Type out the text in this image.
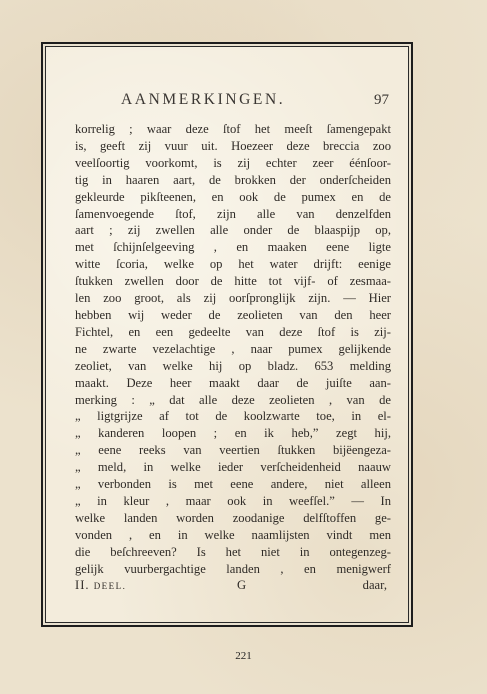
AANMERKINGEN.	97
korrelig ; waar deze ſtof het meeſt ſamengepakt
is, geeft zij vuur uit. Hoezeer deze breccia zoo
veelſoortig voorkomt, is zij echter zeer éénſoor-
tig in haaren aart, de brokken der onderſcheiden
gekleurde pikſteenen, en ook de pumex en de
ſamenvoegende ſtof, zijn alle van denzelfden
aart ; zij zwellen alle onder de blaaspijp op,
met ſchijnſelgeeving , en maaken eene ligte
witte ſcoria, welke op het water drijft: eenige
ſtukken zwellen door de hitte tot vijf- of zesmaa-
len zoo groot, als zij oorſpronglijk zijn. — Hier
hebben wij weder de zeolieten van den heer
Fichtel, en een gedeelte van deze ſtof is zij-
ne zwarte vezelachtige , naar pumex gelijkende
zeoliet, van welke hij op bladz. 653 melding
maakt. Deze heer maakt daar de juiſte aan-
merking : „ dat alle deze zeolieten , van de
„ ligtgrijze af tot de koolzwarte toe, in el-
„ kanderen loopen ; en ik heb,” zegt hij,
„ eene reeks van veertien ſtukken bijëengeza-
„ meld, in welke ieder verſcheidenheid naauw
„ verbonden is met eene andere, niet alleen
„ in kleur , maar ook in weefſel.” — In
welke landen worden zoodanige delfſtoffen ge-
vonden , en in welke naamlijsten vindt men
die beſchreeven? Is het niet in ontegenzeg-
gelijk vuurbergachtige landen , en menigwerf
II. DEEL.	G	daar,
221
